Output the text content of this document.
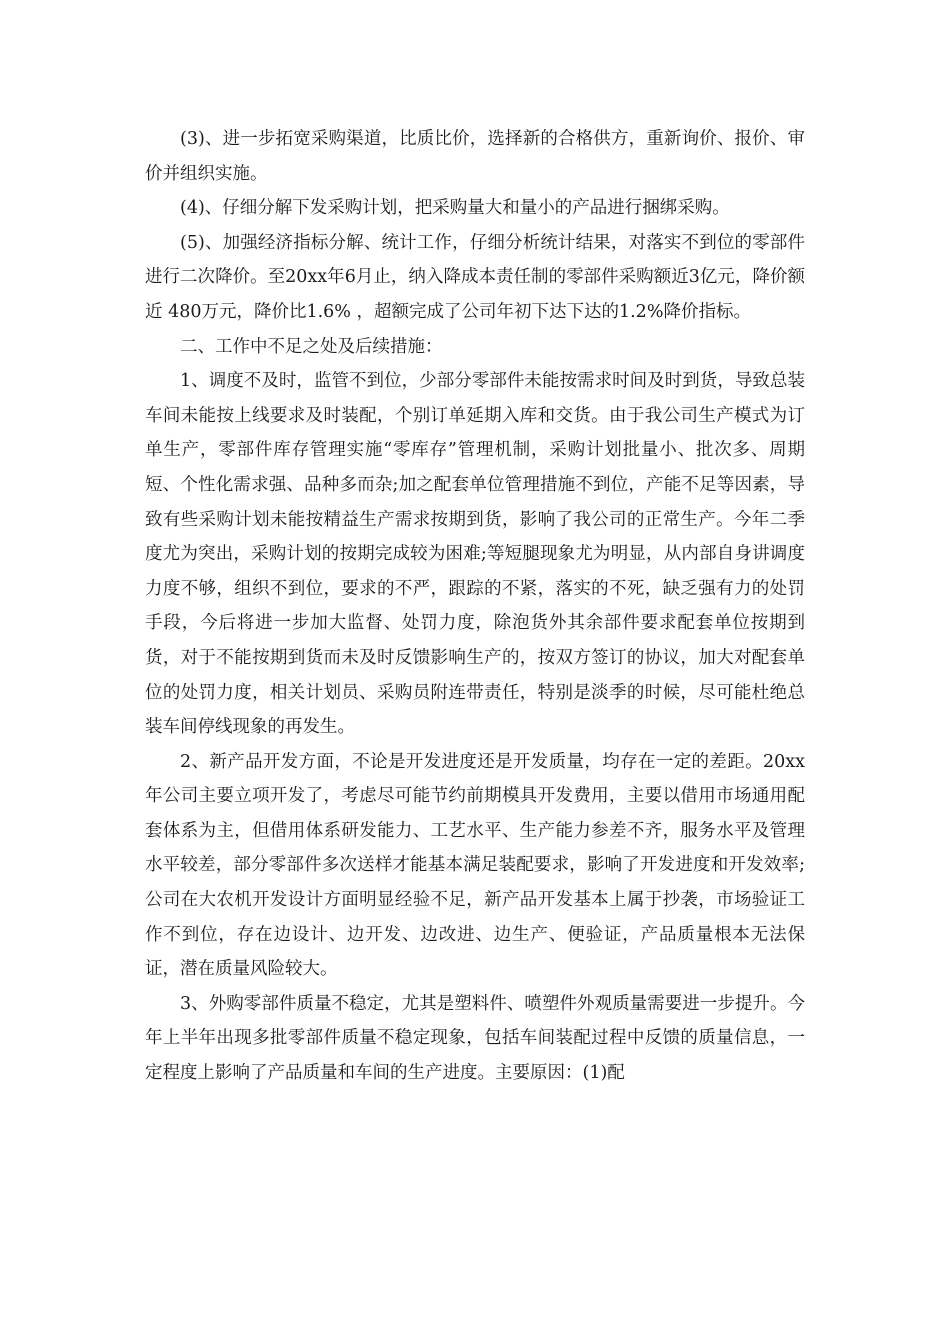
(3)、进一步拓宽采购渠道，比质比价，选择新的合格供方，重新询价、报价、审价并组织实施。

(4)、仔细分解下发采购计划，把采购量大和量小的产品进行捆绑采购。

(5)、加强经济指标分解、统计工作，仔细分析统计结果，对落实不到位的零部件进行二次降价。至20xx年6月止，纳入降成本责任制的零部件采购额近3亿元，降价额近 480万元，降价比1.6% ，超额完成了公司年初下达下达的1.2%降价指标。

二、工作中不足之处及后续措施：

1、调度不及时，监管不到位，少部分零部件未能按需求时间及时到货，导致总装车间未能按上线要求及时装配，个别订单延期入库和交货。由于我公司生产模式为订单生产，零部件库存管理实施“零库存”管理机制，采购计划批量小、批次多、周期短、个性化需求强、品种多而杂;加之配套单位管理措施不到位，产能不足等因素，导致有些采购计划未能按精益生产需求按期到货，影响了我公司的正常生产。今年二季度尤为突出，采购计划的按期完成较为困难;等短腿现象尤为明显，从内部自身讲调度力度不够，组织不到位，要求的不严，跟踪的不紧，落实的不死，缺乏强有力的处罚手段，今后将进一步加大监督、处罚力度，除泡货外其余部件要求配套单位按期到货，对于不能按期到货而未及时反馈影响生产的，按双方签订的协议，加大对配套单位的处罚力度，相关计划员、采购员附连带责任，特别是淡季的时候，尽可能杜绝总装车间停线现象的再发生。

2、新产品开发方面，不论是开发进度还是开发质量，均存在一定的差距。20xx年公司主要立项开发了，考虑尽可能节约前期模具开发费用，主要以借用市场通用配套体系为主，但借用体系研发能力、工艺水平、生产能力参差不齐，服务水平及管理水平较差，部分零部件多次送样才能基本满足装配要求，影响了开发进度和开发效率;公司在大农机开发设计方面明显经验不足，新产品开发基本上属于抄袭，市场验证工作不到位，存在边设计、边开发、边改进、边生产、便验证，产品质量根本无法保证，潜在质量风险较大。

3、外购零部件质量不稳定，尤其是塑料件、喷塑件外观质量需要进一步提升。今年上半年出现多批零部件质量不稳定现象，包括车间装配过程中反馈的质量信息，一定程度上影响了产品质量和车间的生产进度。主要原因：(1)配
